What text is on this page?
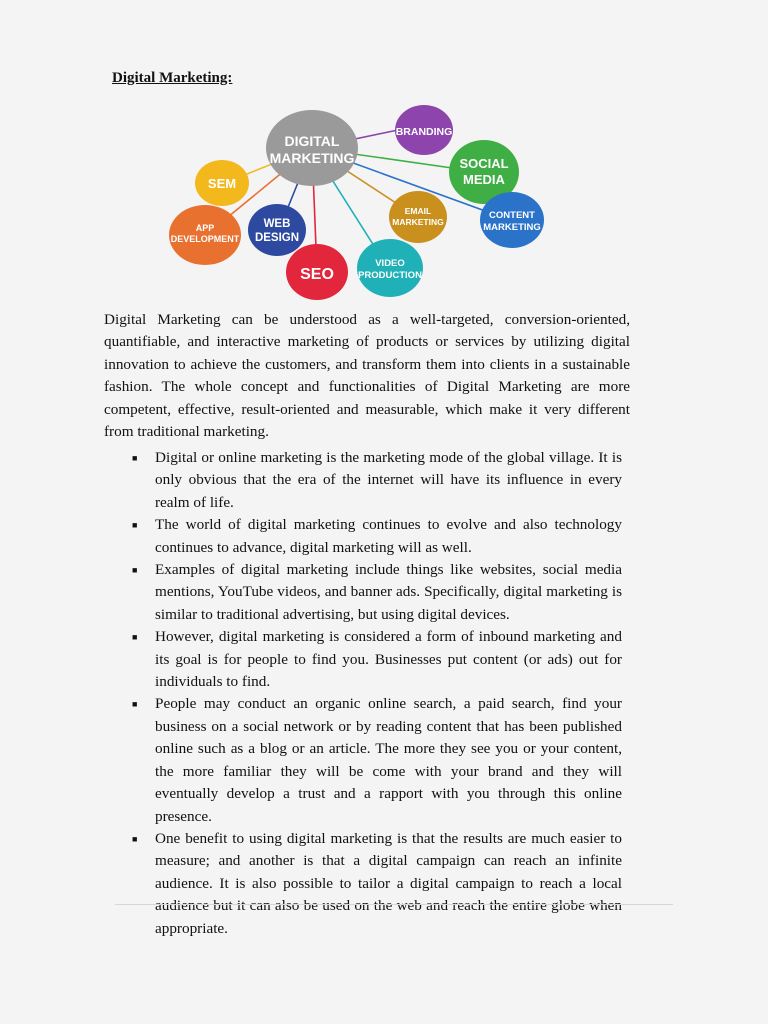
Digital Marketing:
DIGITAL
MARKETING
BRANDING
SOCIAL
MEDIA
CONTENT
MARKETING
EMAIL
MARKETING
VIDEO
PRODUCTION
SEO
WEB
DESIGN
APP
DEVELOPMENT
SEM

Digital Marketing can be understood as a well-targeted, conversion-oriented, quantifiable, and interactive marketing of products or services by utilizing digital innovation to achieve the customers, and transform them into clients in a sustainable fashion. The whole concept and functionalities of Digital Marketing are more competent, effective, result-oriented and measurable, which make it very different from traditional marketing.

■ Digital or online marketing is the marketing mode of the global village. It is only obvious that the era of the internet will have its influence in every realm of life.
■ The world of digital marketing continues to evolve and also technology continues to advance, digital marketing will as well.
■ Examples of digital marketing include things like websites, social media mentions, YouTube videos, and banner ads. Specifically, digital marketing is similar to traditional advertising, but using digital devices.
■ However, digital marketing is considered a form of inbound marketing and its goal is for people to find you. Businesses put content (or ads) out for individuals to find.
■ People may conduct an organic online search, a paid search, find your business on a social network or by reading content that has been published online such as a blog or an article. The more they see you or your content, the more familiar they will be come with your brand and they will eventually develop a trust and a rapport with you through this online presence.
■ One benefit to using digital marketing is that the results are much easier to measure; and another is that a digital campaign can reach an infinite audience. It is also possible to tailor a digital campaign to reach a local audience but it can also be used on the web and reach the entire globe when appropriate.
